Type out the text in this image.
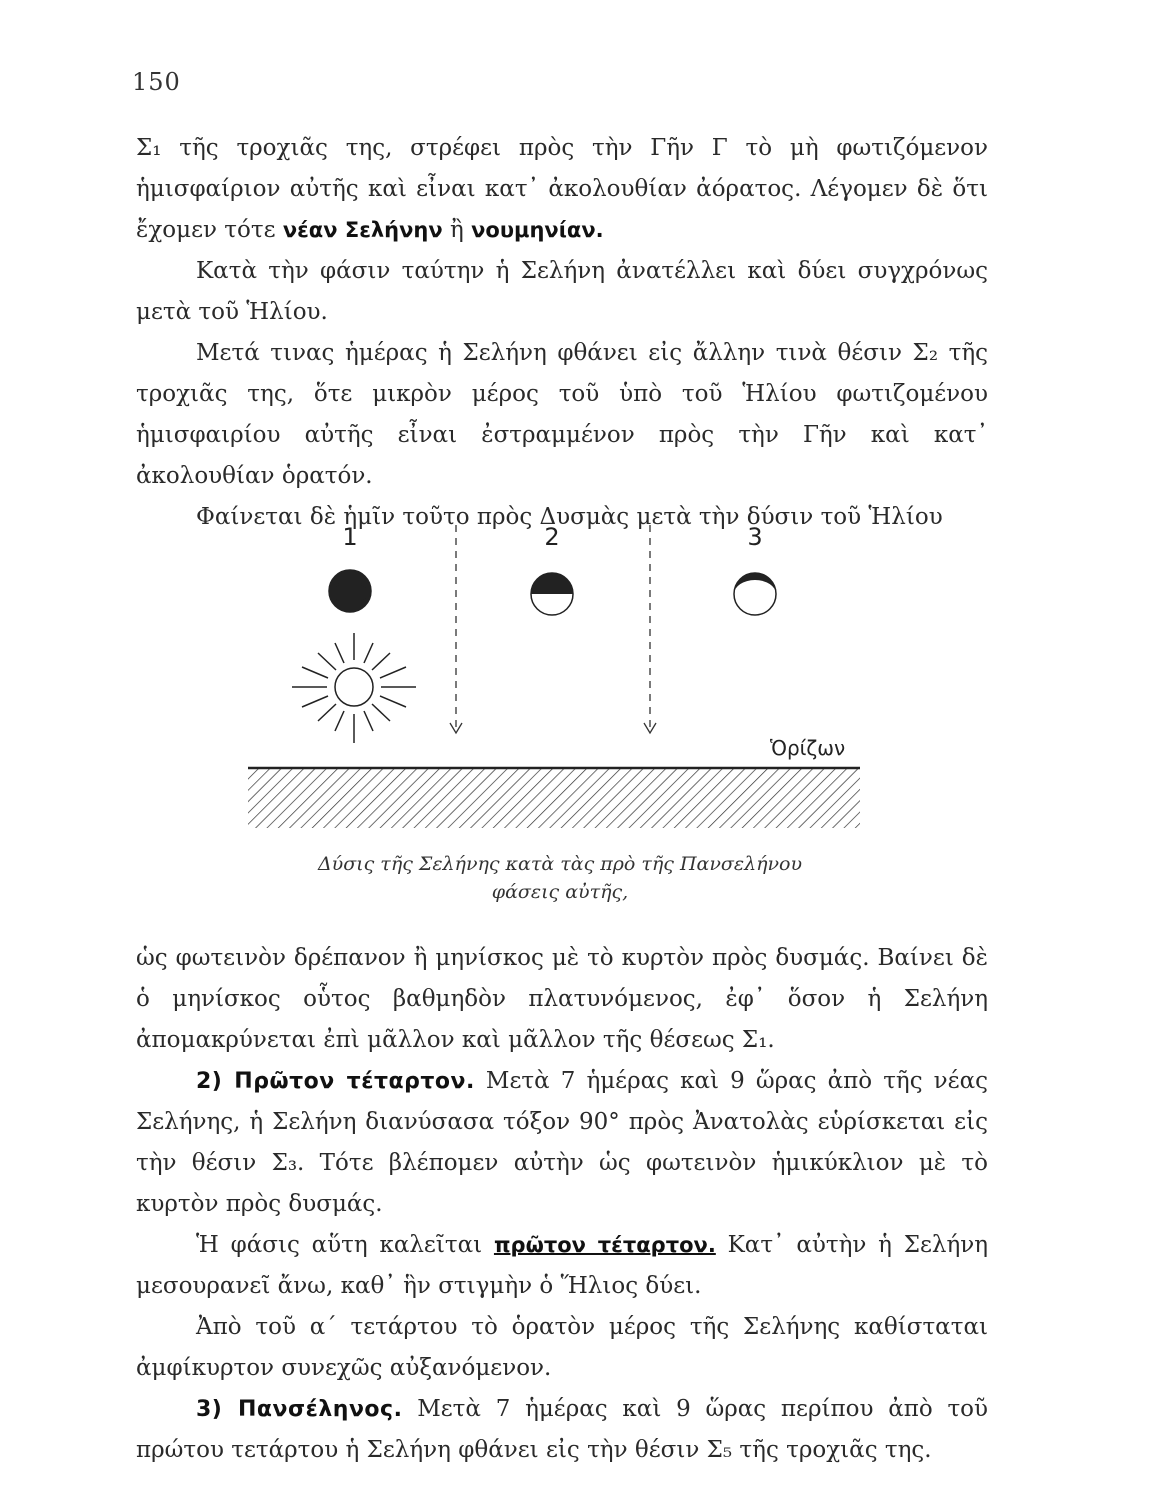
150

Σ₁ τῆς τροχιᾶς της, στρέφει πρὸς τὴν Γῆν Γ τὸ μὴ φωτιζόμενον ἡμισφαίριον αὐτῆς καὶ εἶναι κατ᾽ ἀκολουθίαν ἀόρατος. Λέγομεν δὲ ὅτι ἔχομεν τότε νέαν Σελήνην ἢ νουμηνίαν.

Κατὰ τὴν φάσιν ταύτην ἡ Σελήνη ἀνατέλλει καὶ δύει συγχρόνως μετὰ τοῦ Ἡλίου.

Μετά τινας ἡμέρας ἡ Σελήνη φθάνει εἰς ἄλλην τινὰ θέσιν Σ₂ τῆς τροχιᾶς της, ὅτε μικρὸν μέρος τοῦ ὑπὸ τοῦ Ἡλίου φωτιζομένου ἡμισφαιρίου αὐτῆς εἶναι ἐστραμμένον πρὸς τὴν Γῆν καὶ κατ᾽ ἀκολουθίαν ὁρατόν.

Φαίνεται δὲ ἡμῖν τοῦτο πρὸς Δυσμὰς μετὰ τὴν δύσιν τοῦ Ἡλίου

1	2	3
Ὁρίζων
Δύσις τῆς Σελήνης κατὰ τὰς πρὸ τῆς Πανσελήνου
φάσεις αὐτῆς,

ὡς φωτεινὸν δρέπανον ἢ μηνίσκος μὲ τὸ κυρτὸν πρὸς δυσμάς. Βαίνει δὲ ὁ μηνίσκος οὗτος βαθμηδὸν πλατυνόμενος, ἐφ᾽ ὅσον ἡ Σελήνη ἀπομακρύνεται ἐπὶ μᾶλλον καὶ μᾶλλον τῆς θέσεως Σ₁.

2) Πρῶτον τέταρτον. Μετὰ 7 ἡμέρας καὶ 9 ὥρας ἀπὸ τῆς νέας Σελήνης, ἡ Σελήνη διανύσασα τόξον 90° πρὸς Ἀνατολὰς εὑρίσκεται εἰς τὴν θέσιν Σ₃. Τότε βλέπομεν αὐτὴν ὡς φωτεινὸν ἡμικύκλιον μὲ τὸ κυρτὸν πρὸς δυσμάς.

Ἡ φάσις αὕτη καλεῖται πρῶτον τέταρτον. Κατ᾽ αὐτὴν ἡ Σελήνη μεσουρανεῖ ἄνω, καθ᾽ ἣν στιγμὴν ὁ Ἥλιος δύει.

Ἀπὸ τοῦ α´ τετάρτου τὸ ὁρατὸν μέρος τῆς Σελήνης καθίσταται ἀμφίκυρτον συνεχῶς αὐξανόμενον.

3) Πανσέληνος. Μετὰ 7 ἡμέρας καὶ 9 ὥρας περίπου ἀπὸ τοῦ πρώτου τετάρτου ἡ Σελήνη φθάνει εἰς τὴν θέσιν Σ₅ τῆς τροχιᾶς της.
